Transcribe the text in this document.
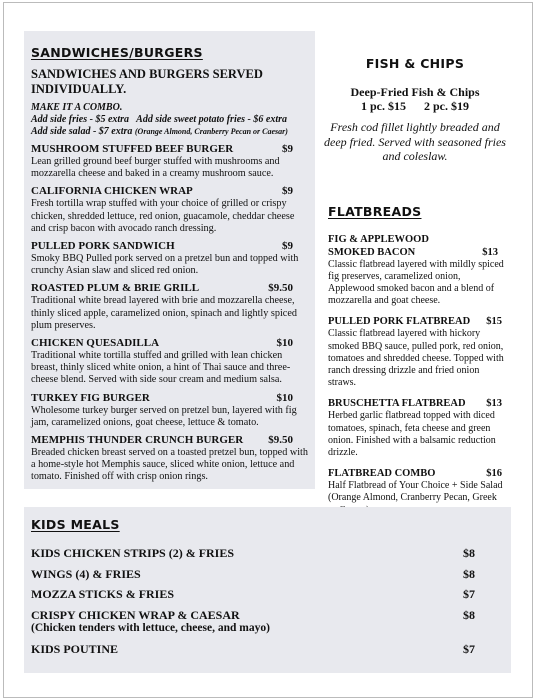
SANDWICHES/BURGERS
SANDWICHES AND BURGERS SERVED INDIVIDUALLY.
MAKE IT A COMBO.
Add side fries - $5 extra   Add side sweet potato fries - $6 extra
Add side salad - $7 extra (Orange Almond, Cranberry Pecan or Caesar)
MUSHROOM STUFFED BEEF BURGER	$9
Lean grilled ground beef burger stuffed with mushrooms and mozzarella cheese and baked in a creamy mushroom sauce.
CALIFORNIA CHICKEN WRAP	$9
Fresh tortilla wrap stuffed with your choice of grilled or crispy chicken, shredded lettuce, red onion, guacamole, cheddar cheese and crisp bacon with avocado ranch dressing.
PULLED PORK SANDWICH	$9
Smoky BBQ Pulled pork served on a pretzel bun and topped with crunchy Asian slaw and sliced red onion.
ROASTED PLUM & BRIE GRILL	$9.50
Traditional white bread layered with brie and mozzarella cheese, thinly sliced apple, caramelized onion, spinach and lightly spiced plum preserves.
CHICKEN QUESADILLA	$10
Traditional white tortilla stuffed and grilled with lean chicken breast, thinly sliced white onion, a hint of Thai sauce and three-cheese blend. Served with side sour cream and medium salsa.
TURKEY FIG BURGER	$10
Wholesome turkey burger served on pretzel bun, layered with fig jam, caramelized onions, goat cheese, lettuce & tomato.
MEMPHIS THUNDER CRUNCH BURGER $9.50
Breaded chicken breast served on a toasted pretzel bun, topped with a home-style hot Memphis sauce, sliced white onion, lettuce and tomato. Finished off with crisp onion rings.
FISH & CHIPS
Deep-Fried Fish & Chips
1 pc. $15      2 pc. $19
Fresh cod fillet lightly breaded and deep fried. Served with seasoned fries and coleslaw.
FLATBREADS
FIG & APPLEWOOD SMOKED BACON	$13
Classic flatbread layered with mildly spiced fig preserves, caramelized onion, Applewood smoked bacon and a blend of mozzarella and goat cheese.
PULLED PORK FLATBREAD $15
Classic flatbread layered with hickory smoked BBQ sauce, pulled pork, red onion, tomatoes and shredded cheese. Topped with ranch dressing drizzle and fried onion straws.
BRUSCHETTA FLATBREAD $13
Herbed garlic flatbread topped with diced tomatoes, spinach, feta cheese and green onion. Finished with a balsamic reduction drizzle.
FLATBREAD COMBO	$16
Half Flatbread of Your Choice + Side Salad (Orange Almond, Cranberry Pecan, Greek
KIDS MEALS
KIDS CHICKEN STRIPS (2) & FRIES	$8
WINGS (4) & FRIES	$8
MOZZA STICKS & FRIES	$7
CRISPY CHICKEN WRAP & CAESAR	$8
(Chicken tenders with lettuce, cheese, and mayo)
KIDS POUTINE	$7
